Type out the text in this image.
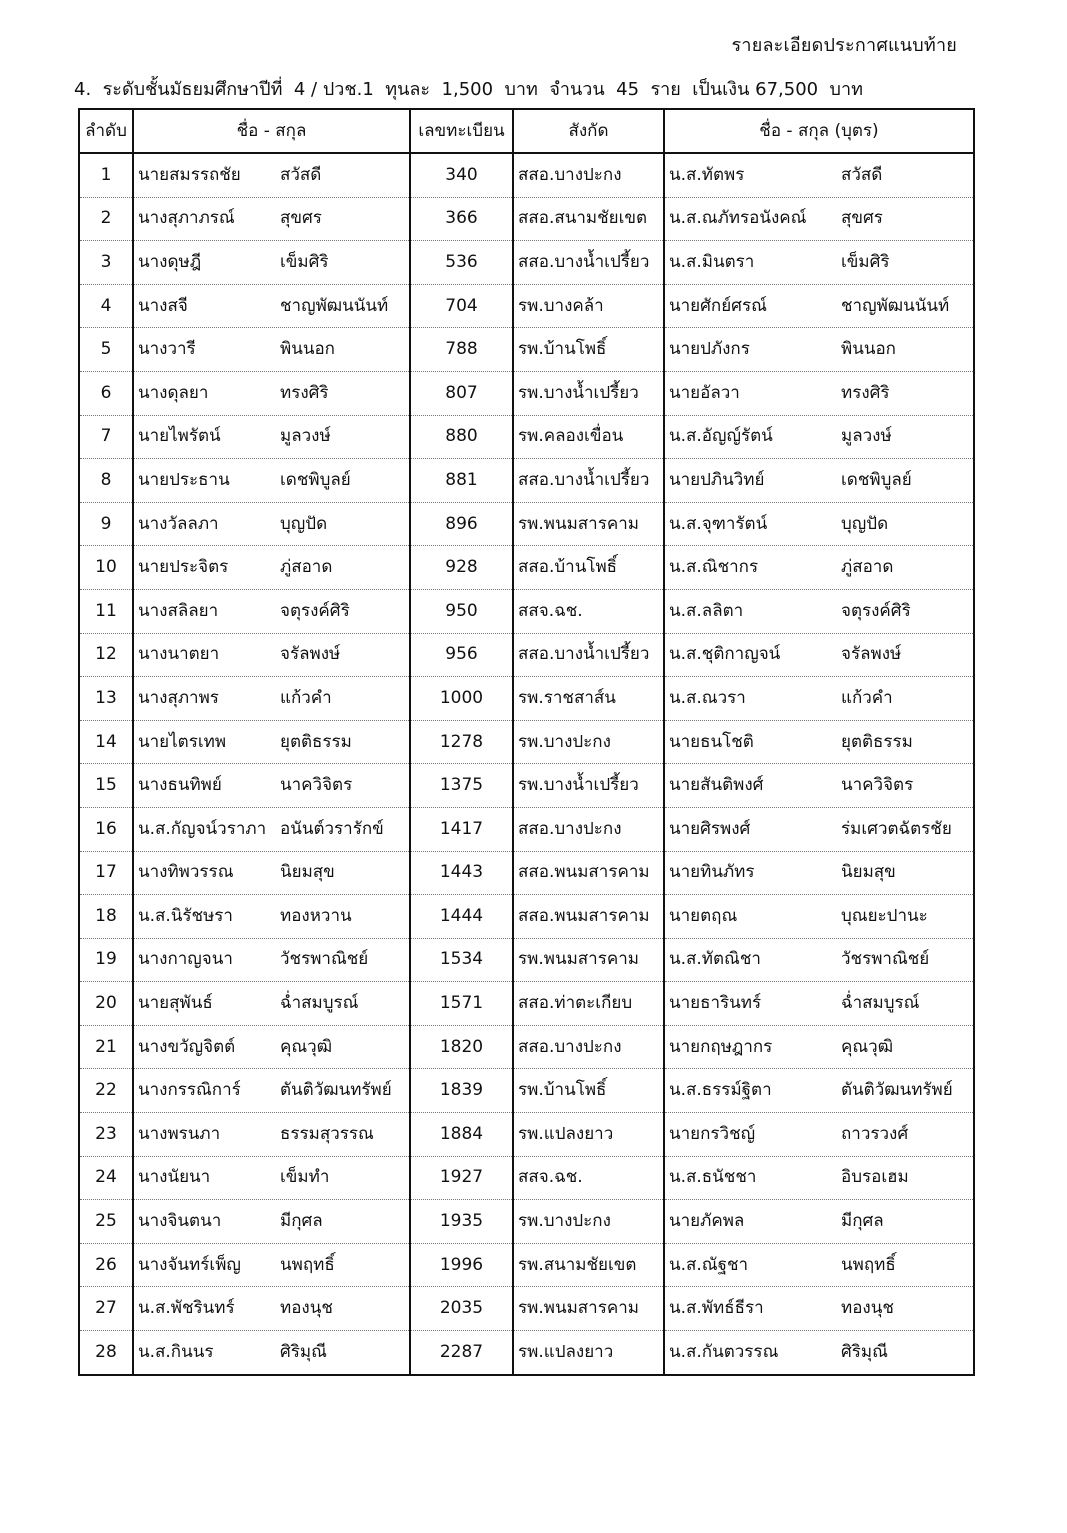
รายละเอียดประกาศแนบท้าย
4.  ระดับชั้นมัธยมศึกษาปีที่  4 / ปวช.1  ทุนละ  1,500  บาท  จำนวน  45  ราย  เป็นเงิน 67,500  บาท
ลำดับ	ชื่อ - สกุล	เลขทะเบียน	สังกัด	ชื่อ - สกุล (บุตร)
1	นายสมรรถชัย สวัสดี	340	สสอ.บางปะกง	น.ส.ทัตพร สวัสดี
2	นางสุภาภรณ์ สุขศร	366	สสอ.สนามชัยเขต	น.ส.ณภัทรอนังคณ์ สุขศร
3	นางดุษฎี เข็มศิริ	536	สสอ.บางน้ำเปรี้ยว	น.ส.มินตรา เข็มศิริ
4	นางสจี ชาญพัฒนนันท์	704	รพ.บางคล้า	นายศักย์ศรณ์ ชาญพัฒนนันท์
5	นางวารี พินนอก	788	รพ.บ้านโพธิ์	นายปภังกร พินนอก
6	นางดุลยา ทรงศิริ	807	รพ.บางน้ำเปรี้ยว	นายอัลวา ทรงศิริ
7	นายไพรัตน์ มูลวงษ์	880	รพ.คลองเขื่อน	น.ส.อัญญ์รัตน์ มูลวงษ์
8	นายประธาน เดชพิบูลย์	881	สสอ.บางน้ำเปรี้ยว	นายปภินวิทย์ เดชพิบูลย์
9	นางวัลลภา บุญปัด	896	รพ.พนมสารคาม	น.ส.จุฑารัตน์ บุญปัด
10	นายประจิตร ภู่สอาด	928	สสอ.บ้านโพธิ์	น.ส.ณิชากร ภู่สอาด
11	นางสลิลยา จตุรงค์ศิริ	950	สสจ.ฉช.	น.ส.ลลิตา จตุรงค์ศิริ
12	นางนาตยา จรัลพงษ์	956	สสอ.บางน้ำเปรี้ยว	น.ส.ชุติกาญจน์ จรัลพงษ์
13	นางสุภาพร แก้วคำ	1000	รพ.ราชสาส์น	น.ส.ณวรา แก้วคำ
14	นายไตรเทพ ยุตติธรรม	1278	รพ.บางปะกง	นายธนโชติ ยุตติธรรม
15	นางธนทิพย์ นาควิจิตร	1375	รพ.บางน้ำเปรี้ยว	นายสันติพงศ์ นาควิจิตร
16	น.ส.กัญจน์วราภา อนันต์วรารักข์	1417	สสอ.บางปะกง	นายศิรพงศ์ ร่มเศวตฉัตรชัย
17	นางทิพวรรณ นิยมสุข	1443	สสอ.พนมสารคาม	นายทินภัทร นิยมสุข
18	น.ส.นิรัชษรา ทองหวาน	1444	สสอ.พนมสารคาม	นายตฤณ บุณยะปานะ
19	นางกาญจนา วัชรพาณิชย์	1534	รพ.พนมสารคาม	น.ส.ทัตณิชา วัชรพาณิชย์
20	นายสุพันธ์ ฉ่ำสมบูรณ์	1571	สสอ.ท่าตะเกียบ	นายธารินทร์ ฉ่ำสมบูรณ์
21	นางขวัญจิตต์ คุณวุฒิ	1820	สสอ.บางปะกง	นายกฤษฎากร คุณวุฒิ
22	นางกรรณิการ์ ตันติวัฒนทรัพย์	1839	รพ.บ้านโพธิ์	น.ส.ธรรม์ฐิตา ตันติวัฒนทรัพย์
23	นางพรนภา ธรรมสุวรรณ	1884	รพ.แปลงยาว	นายกรวิชญ์ ถาวรวงศ์
24	นางนัยนา เข็มทำ	1927	สสจ.ฉช.	น.ส.ธนัชชา อิบรอเฮม
25	นางจินตนา มีกุศล	1935	รพ.บางปะกง	นายภัคพล มีกุศล
26	นางจันทร์เพ็ญ นพฤทธิ์	1996	รพ.สนามชัยเขต	น.ส.ณัฐชา นพฤทธิ์
27	น.ส.พัชรินทร์ ทองนุช	2035	รพ.พนมสารคาม	น.ส.พัทธ์ธีรา ทองนุช
28	น.ส.กินนร ศิริมุณี	2287	รพ.แปลงยาว	น.ส.กันตวรรณ ศิริมุณี
